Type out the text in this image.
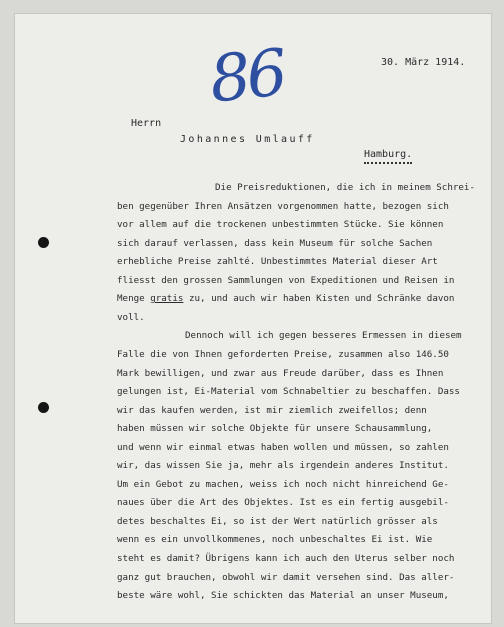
86	30. März 1914.
Herrn
Johannes Umlauff
Hamburg.
Die Preisreduktionen, die ich in meinem Schrei-
ben gegenüber Ihren Ansätzen vorgenommen hatte, bezogen sich
vor allem auf die trockenen unbestimmten Stücke. Sie können
sich darauf verlassen, dass kein Museum für solche Sachen
erhebliche Preise zahlté. Unbestimmtes Material dieser Art
fliesst den grossen Sammlungen von Expeditionen und Reisen in
Menge gratis zu, und auch wir haben Kisten und Schränke davon
voll.
Dennoch will ich gegen besseres Ermessen in diesem
Falle die von Ihnen geforderten Preise, zusammen also 146.50
Mark bewilligen, und zwar aus Freude darüber, dass es Ihnen
gelungen ist, Ei-Material vom Schnabeltier zu beschaffen. Dass
wir das kaufen werden, ist mir ziemlich zweifellos; denn
haben müssen wir solche Objekte für unsere Schausammlung,
und wenn wir einmal etwas haben wollen und müssen, so zahlen
wir, das wissen Sie ja, mehr als irgendein anderes Institut.
Um ein Gebot zu machen, weiss ich noch nicht hinreichend Ge-
naues über die Art des Objektes. Ist es ein fertig ausgebil-
detes beschaltes Ei, so ist der Wert natürlich grösser als
wenn es ein unvollkommenes, noch unbeschaltes Ei ist. Wie
steht es damit? Übrigens kann ich auch den Uterus selber noch
ganz gut brauchen, obwohl wir damit versehen sind. Das aller-
beste wäre wohl, Sie schickten das Material an unser Museum,
